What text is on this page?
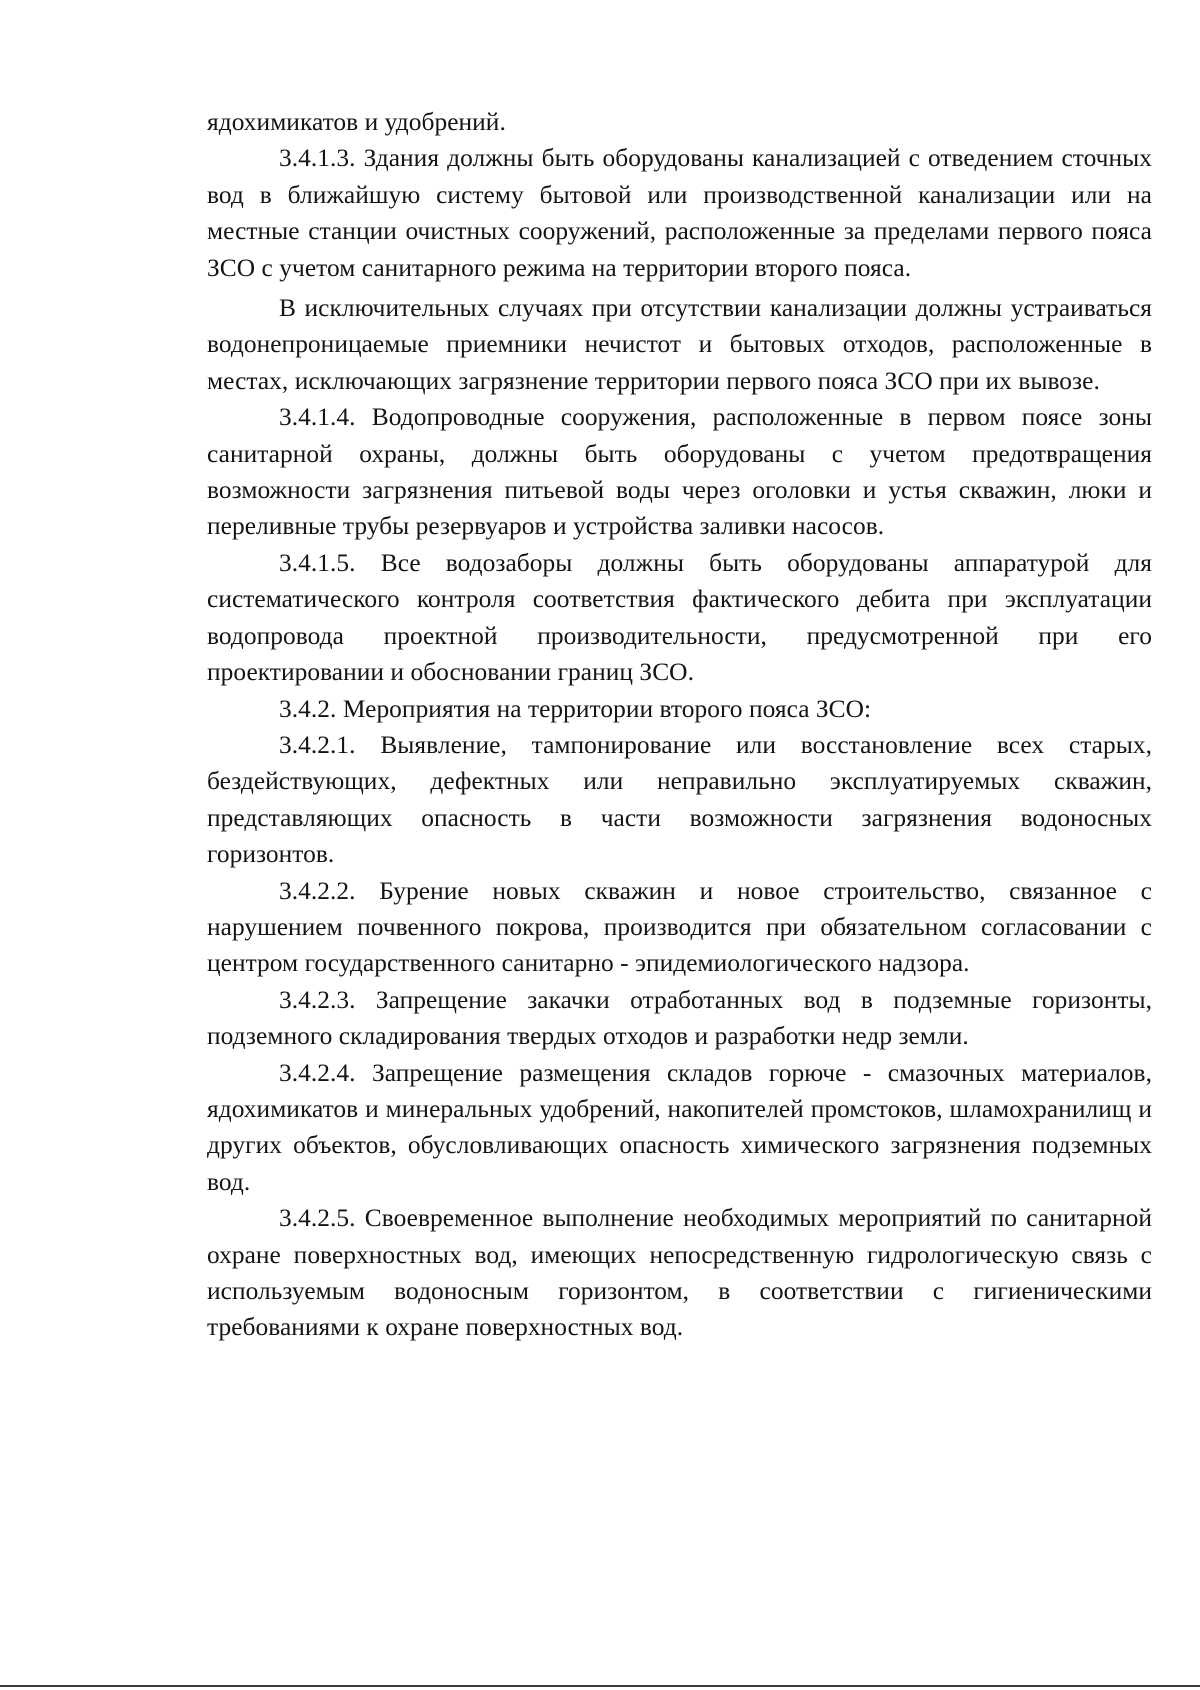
ядохимикатов и удобрений.

3.4.1.3. Здания должны быть оборудованы канализацией с отведением сточных вод в ближайшую систему бытовой или производственной канализации или на местные станции очистных сооружений, расположенные за пределами первого пояса ЗСО с учетом санитарного режима на территории второго пояса.

В исключительных случаях при отсутствии канализации должны устраиваться водонепроницаемые приемники нечистот и бытовых отходов, расположенные в местах, исключающих загрязнение территории первого пояса ЗСО при их вывозе.

3.4.1.4. Водопроводные сооружения, расположенные в первом поясе зоны санитарной охраны, должны быть оборудованы с учетом предотвращения возможности загрязнения питьевой воды через оголовки и устья скважин, люки и переливные трубы резервуаров и устройства заливки насосов.

3.4.1.5. Все водозаборы должны быть оборудованы аппаратурой для систематического контроля соответствия фактического дебита при эксплуатации водопровода проектной производительности, предусмотренной при его проектировании и обосновании границ ЗСО.

3.4.2. Мероприятия на территории второго пояса ЗСО:

3.4.2.1. Выявление, тампонирование или восстановление всех старых, бездействующих, дефектных или неправильно эксплуатируемых скважин, представляющих опасность в части возможности загрязнения водоносных горизонтов.

3.4.2.2. Бурение новых скважин и новое строительство, связанное с нарушением почвенного покрова, производится при обязательном согласовании с центром государственного санитарно - эпидемиологического надзора.

3.4.2.3. Запрещение закачки отработанных вод в подземные горизонты, подземного складирования твердых отходов и разработки недр земли.

3.4.2.4. Запрещение размещения складов горюче - смазочных материалов, ядохимикатов и минеральных удобрений, накопителей промстоков, шламохранилищ и других объектов, обусловливающих опасность химического загрязнения подземных вод.

3.4.2.5. Своевременное выполнение необходимых мероприятий по санитарной охране поверхностных вод, имеющих непосредственную гидрологическую связь с используемым водоносным горизонтом, в соответствии с гигиеническими требованиями к охране поверхностных вод.
